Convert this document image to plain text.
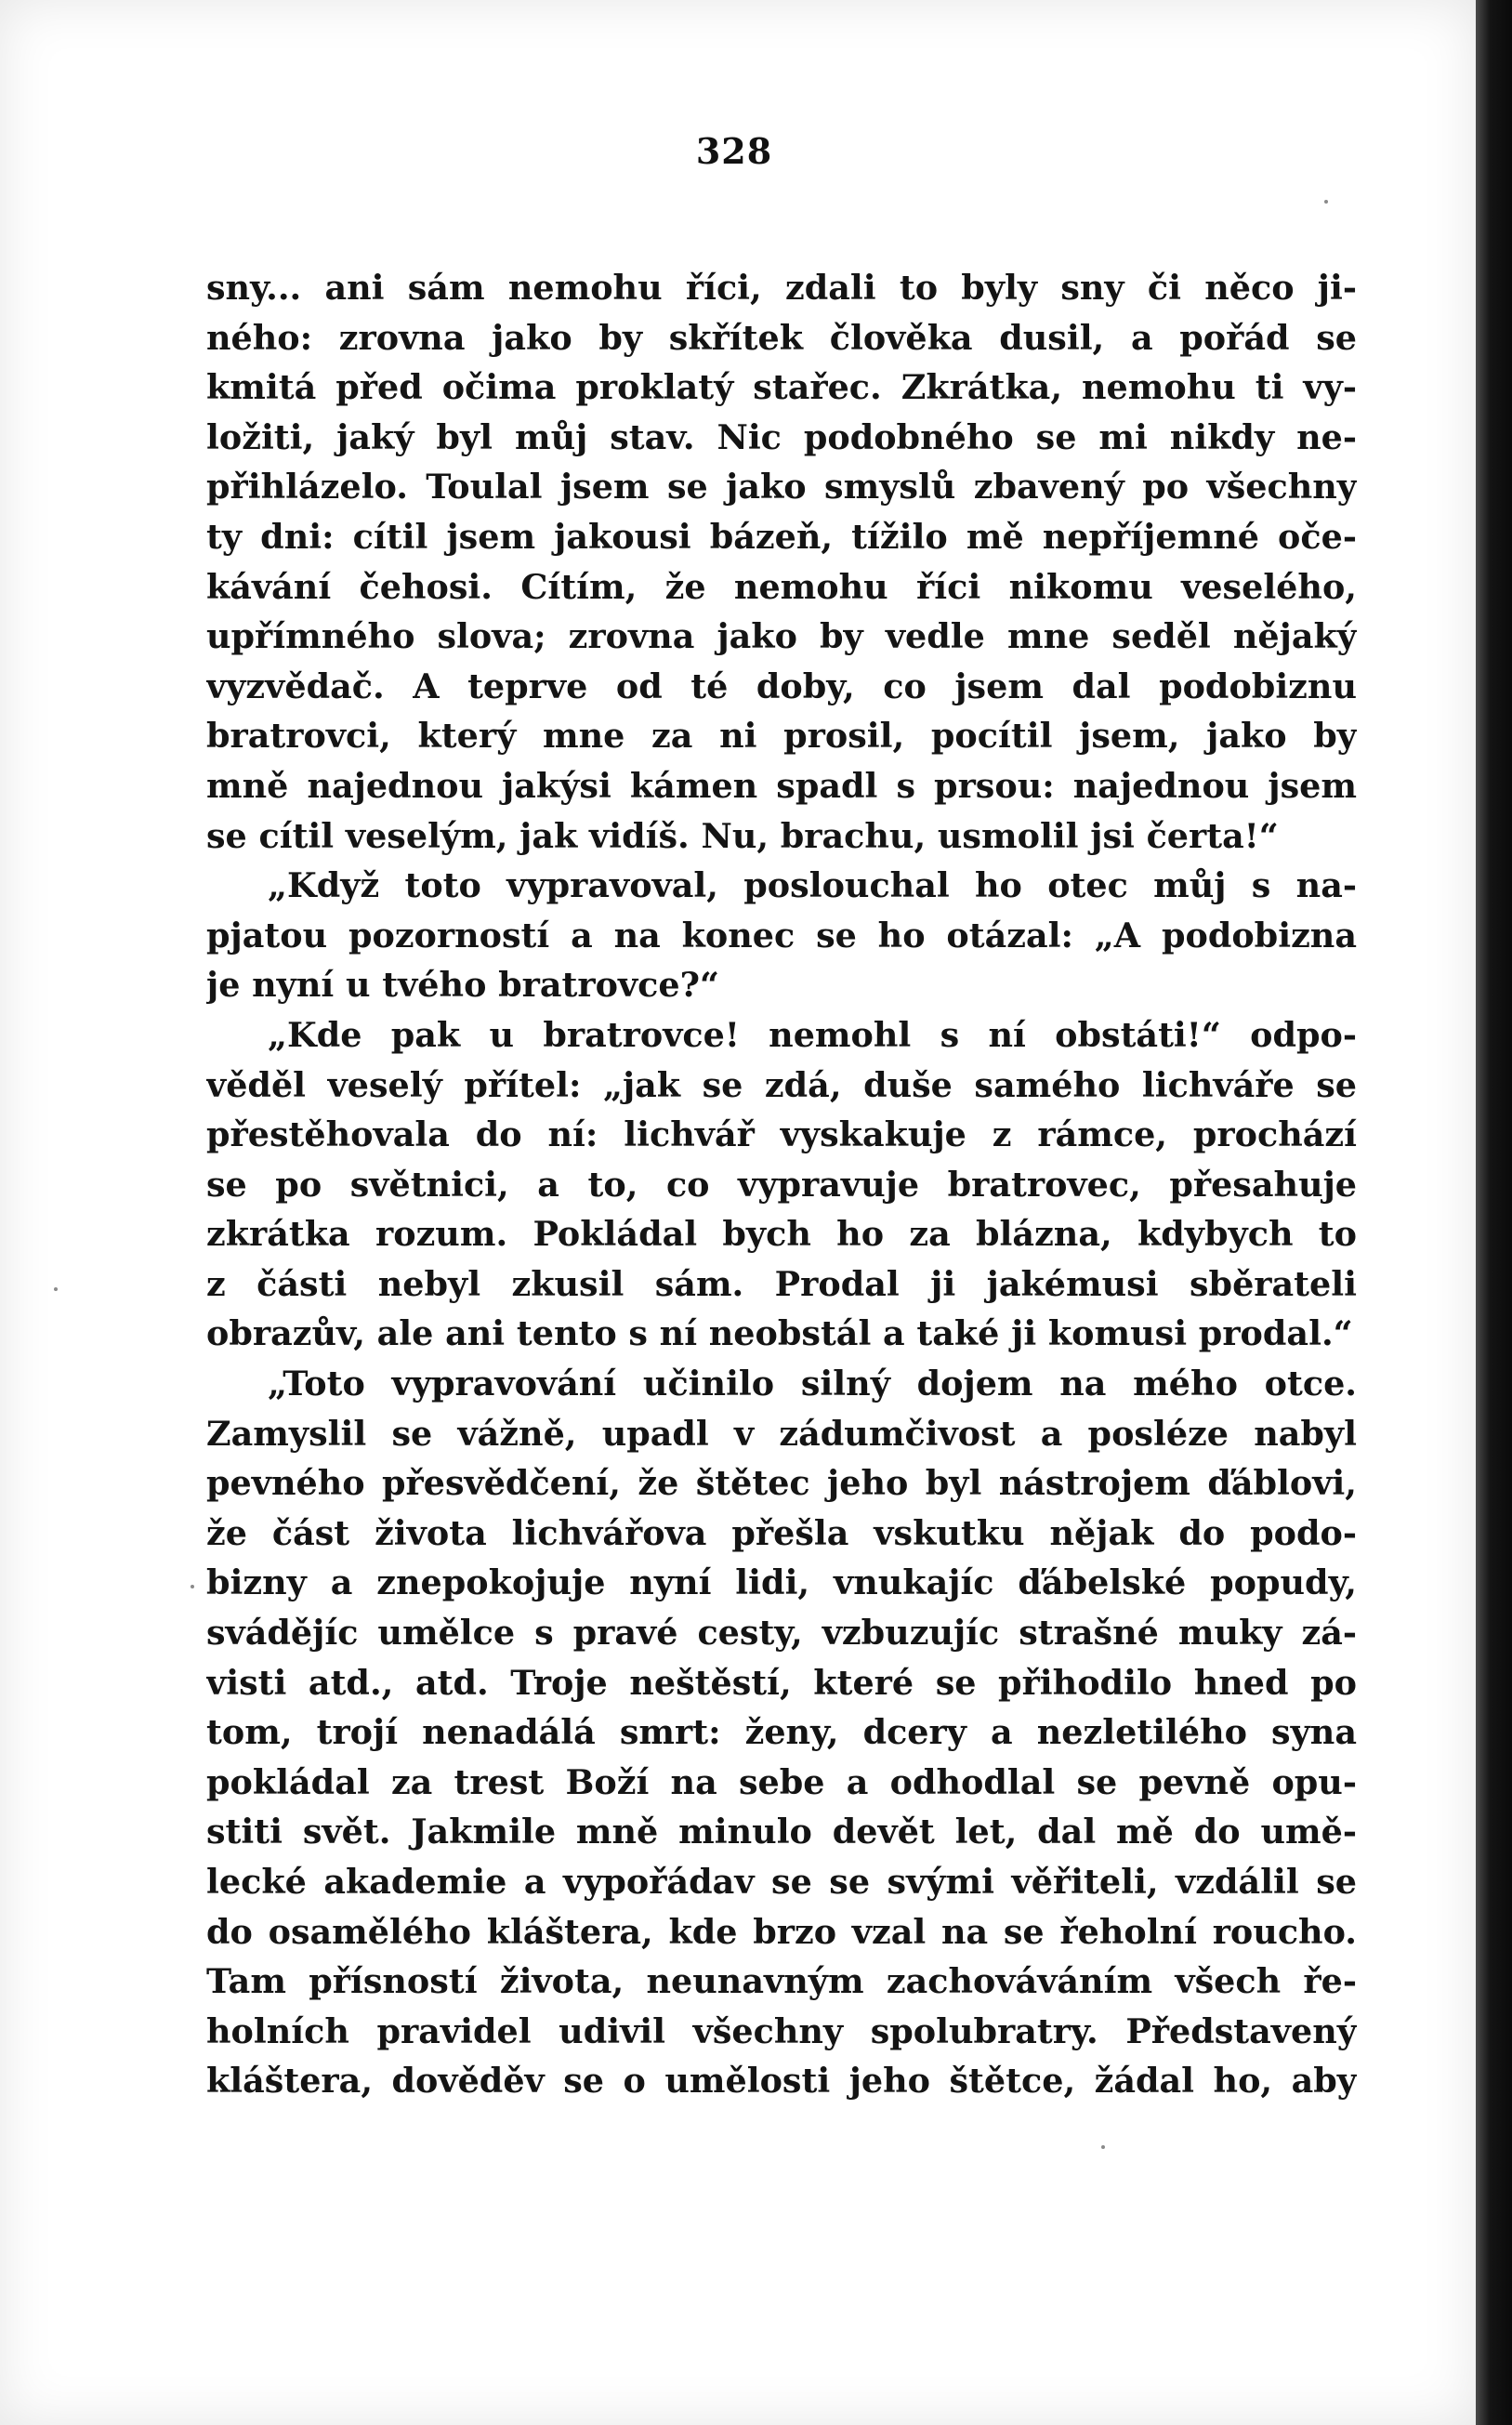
328
sny... ani sám nemohu říci, zdali to byly sny či něco ji-
ného: zrovna jako by skřítek člověka dusil, a pořád se
kmitá před očima proklatý stařec. Zkrátka, nemohu ti vy-
ložiti, jaký byl můj stav. Nic podobného se mi nikdy ne-
přihlázelo. Toulal jsem se jako smyslů zbavený po všechny
ty dni: cítil jsem jakousi bázeň, tížilo mě nepříjemné oče-
kávání čehosi. Cítím, že nemohu říci nikomu veselého,
upřímného slova; zrovna jako by vedle mne seděl nějaký
vyzvědač. A teprve od té doby, co jsem dal podobiznu
bratrovci, který mne za ni prosil, pocítil jsem, jako by
mně najednou jakýsi kámen spadl s prsou: najednou jsem
se cítil veselým, jak vidíš. Nu, brachu, usmolil jsi čerta!“
„Když toto vypravoval, poslouchal ho otec můj s na-
pjatou pozorností a na konec se ho otázal: „A podobizna
je nyní u tvého bratrovce?“
„Kde pak u bratrovce! nemohl s ní obstáti!“ odpo-
věděl veselý přítel: „jak se zdá, duše samého lichváře se
přestěhovala do ní: lichvář vyskakuje z rámce, prochází
se po světnici, a to, co vypravuje bratrovec, přesahuje
zkrátka rozum. Pokládal bych ho za blázna, kdybych to
z části nebyl zkusil sám. Prodal ji jakémusi sběrateli
obrazův, ale ani tento s ní neobstál a také ji komusi prodal.“
„Toto vypravování učinilo silný dojem na mého otce.
Zamyslil se vážně, upadl v zádumčivost a posléze nabyl
pevného přesvědčení, že štětec jeho byl nástrojem ďáblovi,
že část života lichvářova přešla vskutku nějak do podo-
bizny a znepokojuje nyní lidi, vnukajíc ďábelské popudy,
svádějíc umělce s pravé cesty, vzbuzujíc strašné muky zá-
visti atd., atd. Troje neštěstí, které se přihodilo hned po
tom, trojí nenadálá smrt: ženy, dcery a nezletilého syna
pokládal za trest Boží na sebe a odhodlal se pevně opu-
stiti svět. Jakmile mně minulo devět let, dal mě do umě-
lecké akademie a vypořádav se se svými věřiteli, vzdálil se
do osamělého kláštera, kde brzo vzal na se řeholní roucho.
Tam přísností života, neunavným zachováváním všech ře-
holních pravidel udivil všechny spolubratry. Představený
kláštera, dověděv se o umělosti jeho štětce, žádal ho, aby
